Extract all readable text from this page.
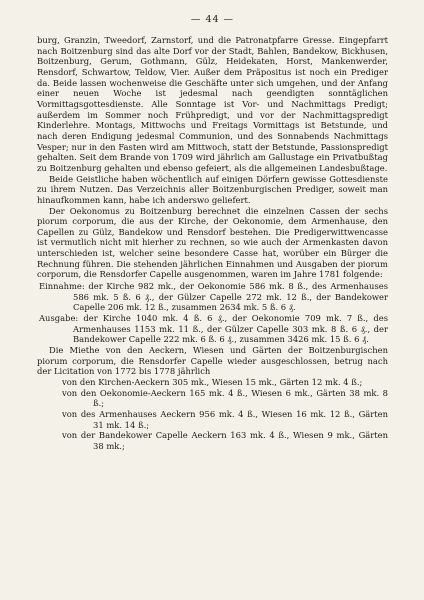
— 44 —

burg, Granzin, Tweedorf, Zarnstorf, und die Patronatpfarre Gresse. Eingepfarrt nach Boitzenburg sind das alte Dorf vor der Stadt, Bahlen, Bandekow, Bickhusen, Boitzenburg, Gerum, Gothmann, Gülz, Heidekaten, Horst, Mankenwerder, Rensdorf, Schwartow, Teldow, Vier. Außer dem Präpositus ist noch ein Prediger da. Beide lassen wochenweise die Geschäfte unter sich umgehen, und der Anfang einer neuen Woche ist jedesmal nach geendigten sonntäglichen Vormittagsgottesdienste. Alle Sonntage ist Vor- und Nachmittags Predigt; außerdem im Sommer noch Frühpredigt, und vor der Nachmittagspredigt Kinderlehre. Montags, Mittwochs und Freitags Vormittags ist Betstunde, und nach deren Endigung jedesmal Communion, und des Sonnabends Nachmittags Vesper; nur in den Fasten wird am Mittwoch, statt der Betstunde, Passionspredigt gehalten. Seit dem Brande von 1709 wird jährlich am Gallustage ein Privatbußtag zu Boitzenburg gehalten und ebenso gefeiert, als die allgemeinen Landesbußtage.

Beide Geistliche haben wöchentlich auf einigen Dörfern gewisse Gottesdienste zu ihrem Nutzen. Das Verzeichnis aller Boitzenburgischen Prediger, soweit man hinaufkommen kann, habe ich anderswo geliefert.

Der Oekonomus zu Boitzenburg berechnet die einzelnen Cassen der sechs piorum corporum, die aus der Kirche, der Oekonomie, dem Armenhause, den Capellen zu Gülz, Bandekow und Rensdorf bestehen. Die Predigerwittwencasse ist vermutlich nicht mit hierher zu rechnen, so wie auch der Armenkasten davon unterschieden ist, welcher seine besondere Casse hat, worüber ein Bürger die Rechnung führen. Die stehenden jährlichen Einnahmen und Ausgaben der piorum corporum, die Rensdorfer Capelle ausgenommen, waren im Jahre 1781 folgende:

Einnahme: der Kirche 982 mk., der Oekonomie 586 mk. 8 ß., des Armenhauses 586 mk. 5 ß. 6 ₰., der Gülzer Capelle 272 mk. 12 ß., der Bandekower Capelle 206 mk. 12 ß., zusammen 2634 mk. 5 ß. 6 ₰.

Ausgabe: der Kirche 1040 mk. 4 ß. 6 ₰., der Oekonomie 709 mk. 7 ß., des Armenhauses 1153 mk. 11 ß., der Gülzer Capelle 303 mk. 8 ß. 6 ₰., der Bandekower Capelle 222 mk. 6 ß. 6 ₰., zusammen 3426 mk. 15 ß. 6 ₰.

Die Miethe von den Aeckern, Wiesen und Gärten der Boitzenburgischen piorum corporum, die Rensdorfer Capelle wieder ausgeschlossen, betrug nach der Licitation von 1772 bis 1778 jährlich

von den Kirchen-Aeckern 305 mk., Wiesen 15 mk., Gärten 12 mk. 4 ß.;

von den Oekonomie-Aeckern 165 mk. 4 ß., Wiesen 6 mk., Gärten 38 mk. 8 ß.;

von des Armenhauses Aeckern 956 mk. 4 ß., Wiesen 16 mk. 12 ß., Gärten 31 mk. 14 ß.;

von der Bandekower Capelle Aeckern 163 mk. 4 ß., Wiesen 9 mk., Gärten 38 mk.;
